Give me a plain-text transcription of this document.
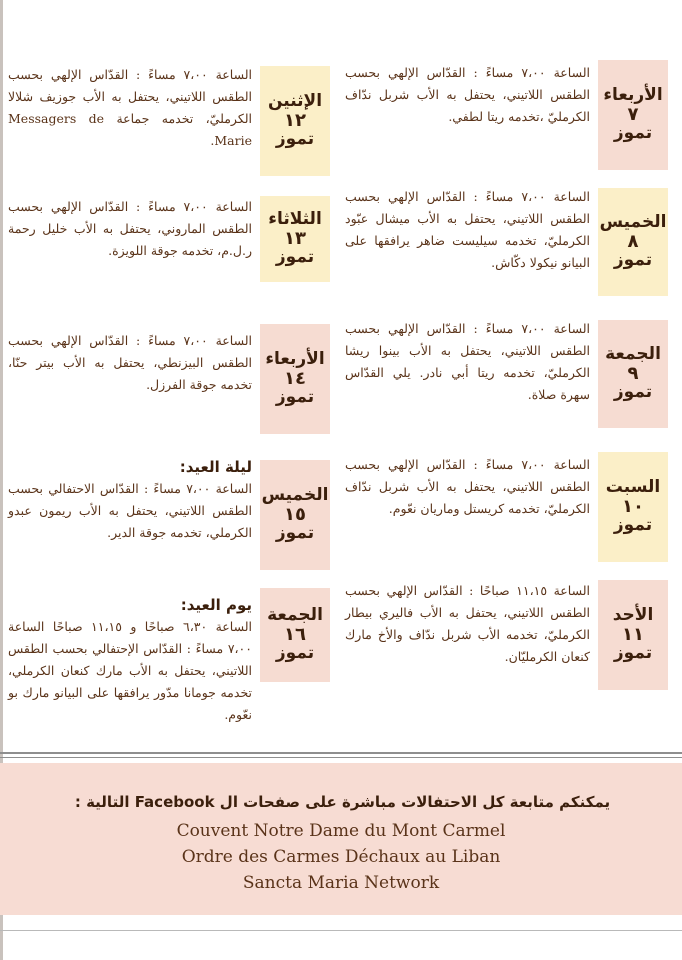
الأربعاء
٧
تموز
الساعة ٧،٠٠ مساءً : القدّاس الإلهي بحسب الطقس اللاتيني، يحتفل به الأب شربل ندّاف الكرمليّ ،تخدمه ريتا لطفي.
الإثنين
١٢
تموز
الساعة ٧،٠٠ مساءً : القدّاس الإلهي بحسب الطقس اللاتيني، يحتفل به الأب جوزيف شلالا الكرمليّ، تخدمه جماعة Messagers de Marie.
الخميس
٨
تموز
الساعة ٧،٠٠ مساءً : القدّاس الإلهي بحسب الطقس اللاتيني، يحتفل به الأب ميشال عبّود الكرمليّ، تخدمه سيليست ضاهر يرافقها على البيانو نيكولا دكّاش.
الثلاثاء
١٣
تموز
الساعة ٧،٠٠ مساءً : القدّاس الإلهي بحسب الطقس الماروني، يحتفل به الأب خليل رحمة ر.ل.م، تخدمه جوقة اللويزة.
الجمعة
٩
تموز
الساعة ٧،٠٠ مساءً : القدّاس الإلهي بحسب الطقس اللاتيني، يحتفل به الأب بينوا ريشا الكرمليّ، تخدمه ريتا أبي نادر. يلي القدّاس سهرة صلاة.
الأربعاء
١٤
تموز
الساعة ٧،٠٠ مساءً : القدّاس الإلهي بحسب الطقس البيزنطي، يحتفل به الأب بيتر حنّا، تخدمه جوقة الفرزل.
السبت
١٠
تموز
الساعة ٧،٠٠ مساءً : القدّاس الإلهي بحسب الطقس اللاتيني، يحتفل به الأب شربل ندّاف الكرمليّ، تخدمه كريستل وماريان نعّوم.
الخميس
١٥
تموز
ليلة العيد:
الساعة ٧،٠٠ مساءً : القدّاس الاحتفالي بحسب الطقس اللاتيني، يحتفل به الأب ريمون عبدو الكرملي، تخدمه جوقة الدير.
الأحد
١١
تموز
الساعة ١١،١٥ صباحًا : القدّاس الإلهي بحسب الطقس اللاتيني، يحتفل به الأب فاليري بيطار الكرمليّ، تخدمه الأب شربل ندّاف والأخ مارك كنعان الكرمليّان.
الجمعة
١٦
تموز
يوم العيد:
الساعة ٦،٣٠ صباحًا و ١١،١٥ صباحًا الساعة ٧،٠٠ مساءً : القدّاس الإحتفالي بحسب الطقس اللاتيني، يحتفل به الأب مارك كنعان الكرملي، تخدمه جومانا مدّور يرافقها على البيانو مارك بو نعّوم.
يمكنكم متابعة كل الاحتفالات مباشرة على صفحات ال Facebook التالية :
Couvent Notre Dame du Mont Carmel
Ordre des Carmes Déchaux au Liban
Sancta Maria Network
